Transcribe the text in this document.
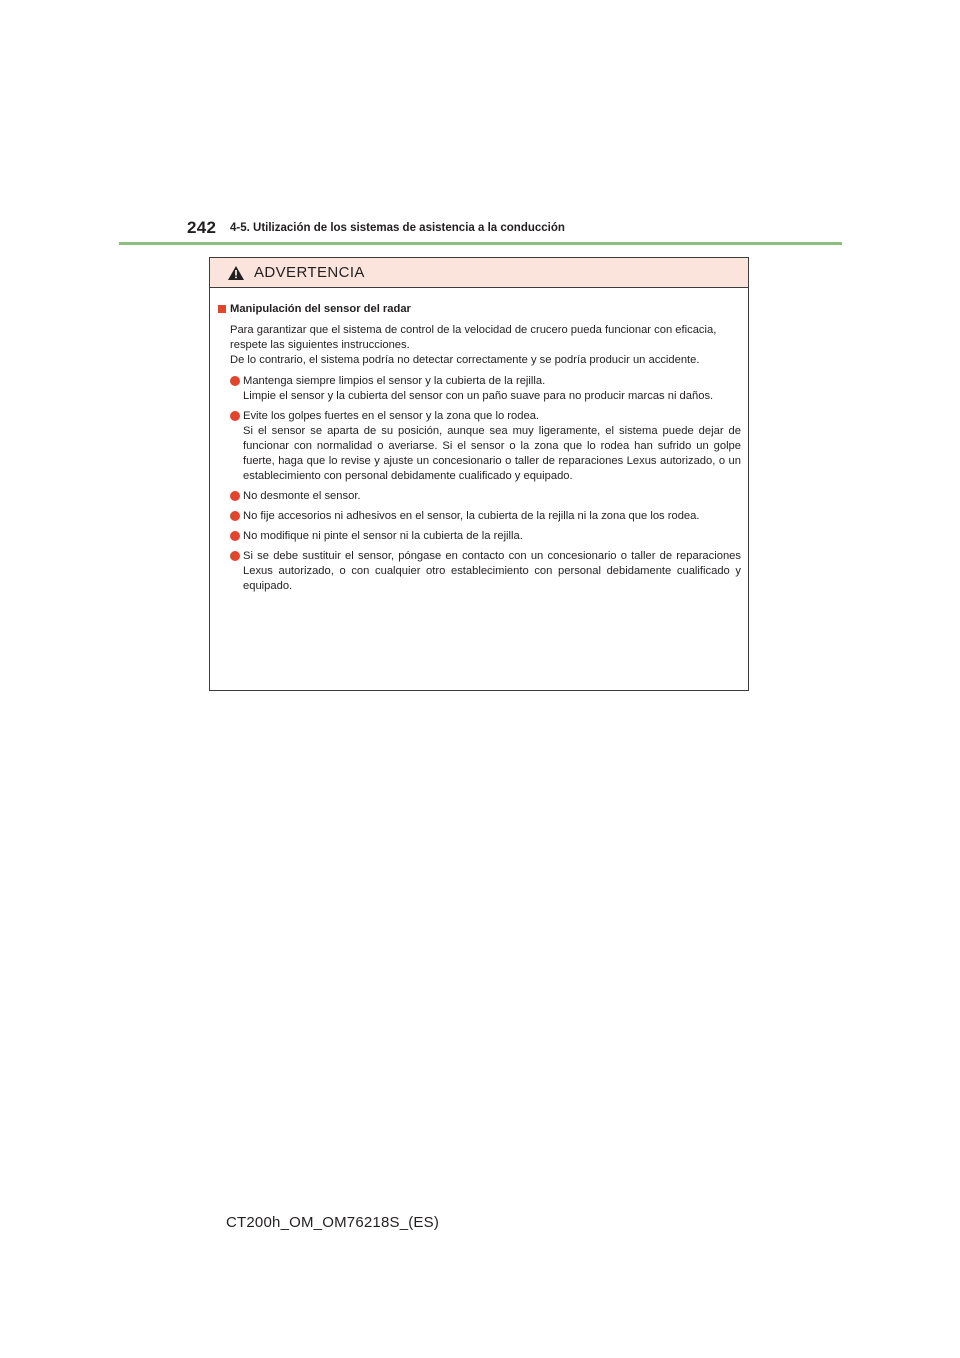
242 4-5. Utilización de los sistemas de asistencia a la conducción
ADVERTENCIA
Manipulación del sensor del radar

Para garantizar que el sistema de control de la velocidad de crucero pueda funcionar con eficacia, respete las siguientes instrucciones.

De lo contrario, el sistema podría no detectar correctamente y se podría producir un accidente.

Mantenga siempre limpios el sensor y la cubierta de la rejilla.

Limpie el sensor y la cubierta del sensor con un paño suave para no producir marcas ni daños.

Evite los golpes fuertes en el sensor y la zona que lo rodea.

Si el sensor se aparta de su posición, aunque sea muy ligeramente, el sistema puede dejar de funcionar con normalidad o averiarse. Si el sensor o la zona que lo rodea han sufrido un golpe fuerte, haga que lo revise y ajuste un concesionario o taller de reparaciones Lexus autorizado, o un establecimiento con personal debidamente cualificado y equipado.

No desmonte el sensor.

No fije accesorios ni adhesivos en el sensor, la cubierta de la rejilla ni la zona que los rodea.

No modifique ni pinte el sensor ni la cubierta de la rejilla.

Si se debe sustituir el sensor, póngase en contacto con un concesionario o taller de reparaciones Lexus autorizado, o con cualquier otro establecimiento con personal debidamente cualificado y equipado.

CT200h_OM_OM76218S_(ES)
